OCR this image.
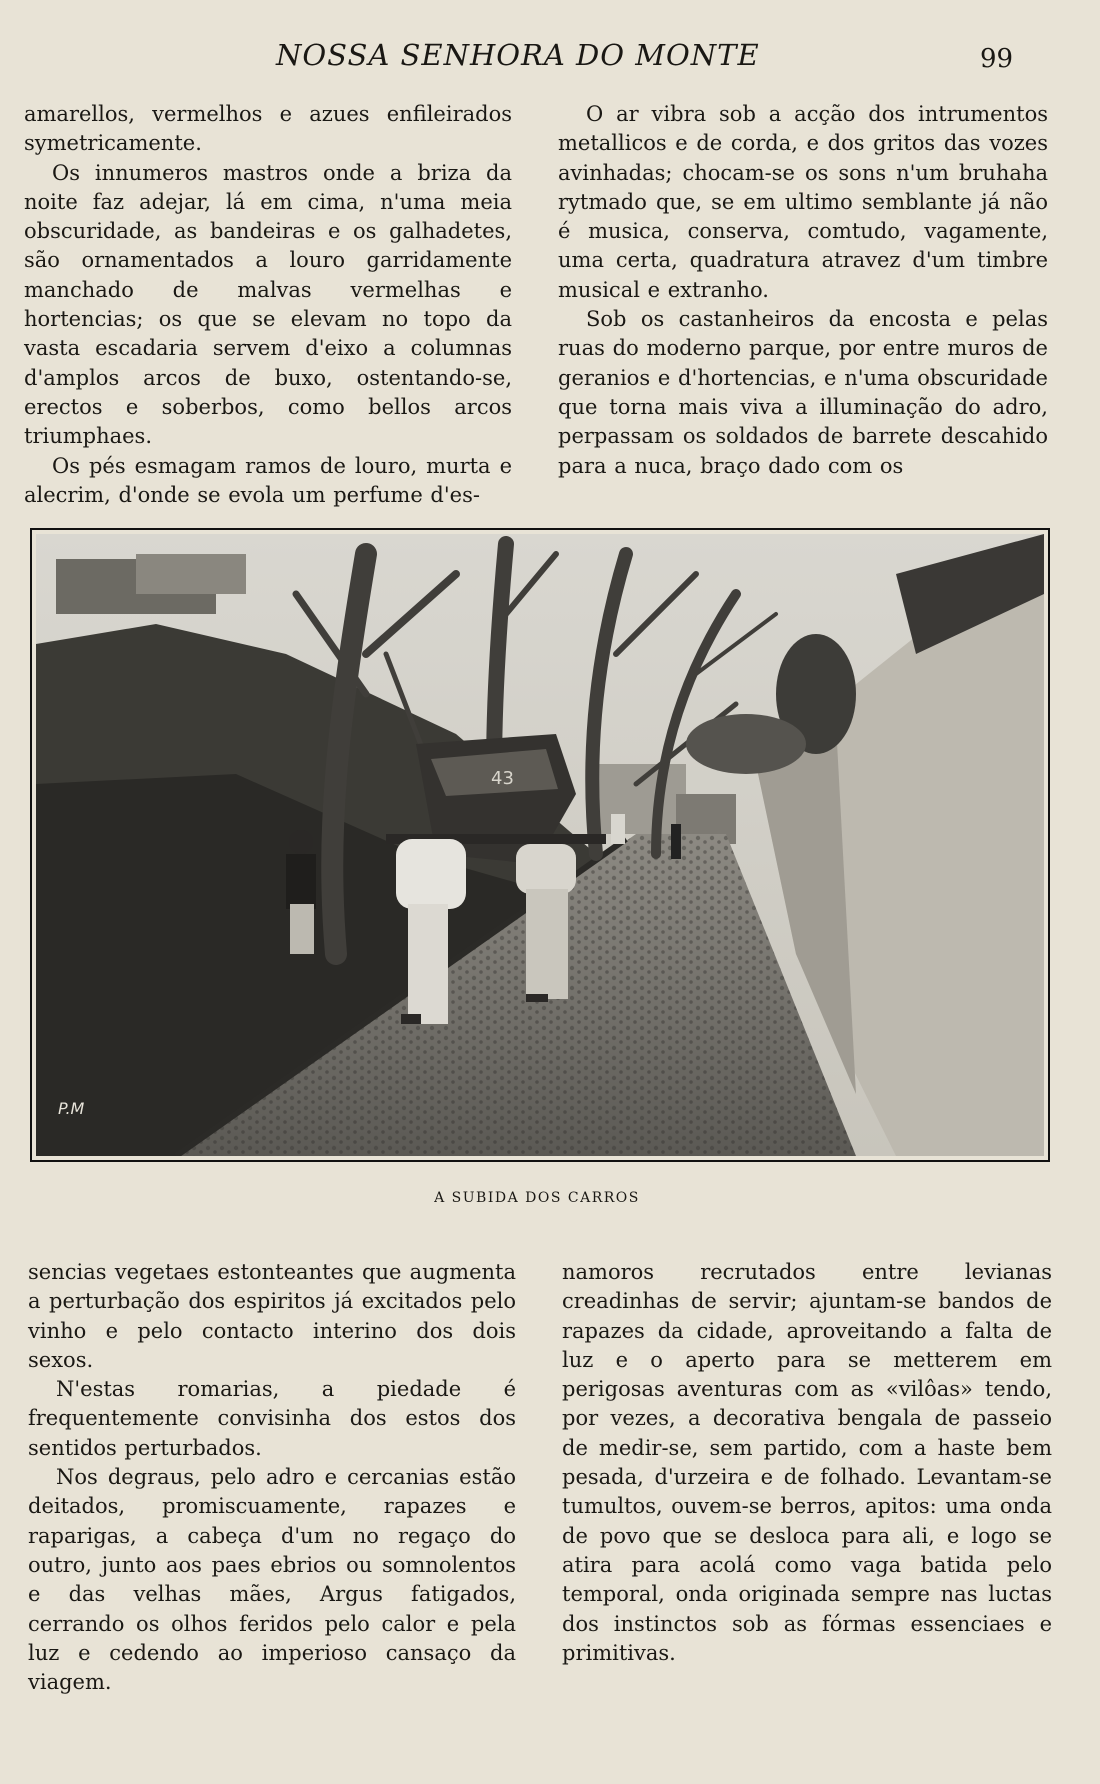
NOSSA SENHORA DO MONTE	99

amarellos, vermelhos e azues enfileirados symetricamente.

Os innumeros mastros onde a briza da noite faz adejar, lá em cima, n'uma meia obscuridade, as bandeiras e os galhadetes, são ornamentados a louro garridamente manchado de malvas vermelhas e hortencias; os que se elevam no topo da vasta escadaria servem d'eixo a columnas d'amplos arcos de buxo, ostentando-se, erectos e soberbos, como bellos arcos triumphaes.

Os pés esmagam ramos de louro, murta e alecrim, d'onde se evola um perfume d'es-

O ar vibra sob a acção dos intrumentos metallicos e de corda, e dos gritos das vozes avinhadas; chocam-se os sons n'um bruhaha rytmado que, se em ultimo semblante já não é musica, conserva, comtudo, vagamente, uma certa, quadratura atravez d'um timbre musical e extranho.

Sob os castanheiros da encosta e pelas ruas do moderno parque, por entre muros de geranios e d'hortencias, e n'uma obscuridade que torna mais viva a illuminação do adro, perpassam os soldados de barrete descahido para a nuca, braço dado com os

43
P.M
A SUBIDA DOS CARROS

sencias vegetaes estonteantes que augmenta a perturbação dos espiritos já excitados pelo vinho e pelo contacto interino dos dois sexos.

N'estas romarias, a piedade é frequentemente convisinha dos estos dos sentidos perturbados.

Nos degraus, pelo adro e cercanias estão deitados, promiscuamente, rapazes e raparigas, a cabeça d'um no regaço do outro, junto aos paes ebrios ou somnolentos e das velhas mães, Argus fatigados, cerrando os olhos feridos pelo calor e pela luz e cedendo ao imperioso cansaço da viagem.

namoros recrutados entre levianas creadinhas de servir; ajuntam-se bandos de rapazes da cidade, aproveitando a falta de luz e o aperto para se metterem em perigosas aventuras com as «vilôas» tendo, por vezes, a decorativa bengala de passeio de medir-se, sem partido, com a haste bem pesada, d'urzeira e de folhado. Levantam-se tumultos, ouvem-se berros, apitos: uma onda de povo que se desloca para ali, e logo se atira para acolá como vaga batida pelo temporal, onda originada sempre nas luctas dos instinctos sob as fórmas essenciaes e primitivas.
